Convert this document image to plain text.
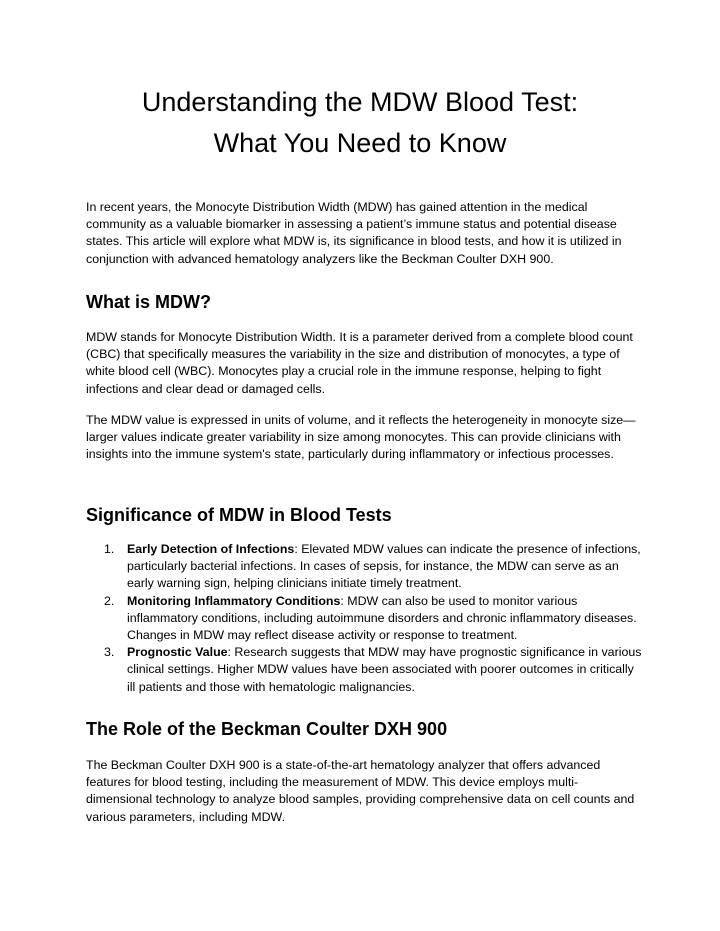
Understanding the MDW Blood Test:
What You Need to Know

In recent years, the Monocyte Distribution Width (MDW) has gained attention in the medical community as a valuable biomarker in assessing a patient’s immune status and potential disease states. This article will explore what MDW is, its significance in blood tests, and how it is utilized in conjunction with advanced hematology analyzers like the Beckman Coulter DXH 900.

What is MDW?

MDW stands for Monocyte Distribution Width. It is a parameter derived from a complete blood count (CBC) that specifically measures the variability in the size and distribution of monocytes, a type of white blood cell (WBC). Monocytes play a crucial role in the immune response, helping to fight infections and clear dead or damaged cells.

The MDW value is expressed in units of volume, and it reflects the heterogeneity in monocyte size—larger values indicate greater variability in size among monocytes. This can provide clinicians with insights into the immune system's state, particularly during inflammatory or infectious processes.

Significance of MDW in Blood Tests
1. Early Detection of Infections: Elevated MDW values can indicate the presence of infections, particularly bacterial infections. In cases of sepsis, for instance, the MDW can serve as an early warning sign, helping clinicians initiate timely treatment.
2. Monitoring Inflammatory Conditions: MDW can also be used to monitor various inflammatory conditions, including autoimmune disorders and chronic inflammatory diseases. Changes in MDW may reflect disease activity or response to treatment.
3. Prognostic Value: Research suggests that MDW may have prognostic significance in various clinical settings. Higher MDW values have been associated with poorer outcomes in critically ill patients and those with hematologic malignancies.
The Role of the Beckman Coulter DXH 900

The Beckman Coulter DXH 900 is a state-of-the-art hematology analyzer that offers advanced features for blood testing, including the measurement of MDW. This device employs multi-dimensional technology to analyze blood samples, providing comprehensive data on cell counts and various parameters, including MDW.
